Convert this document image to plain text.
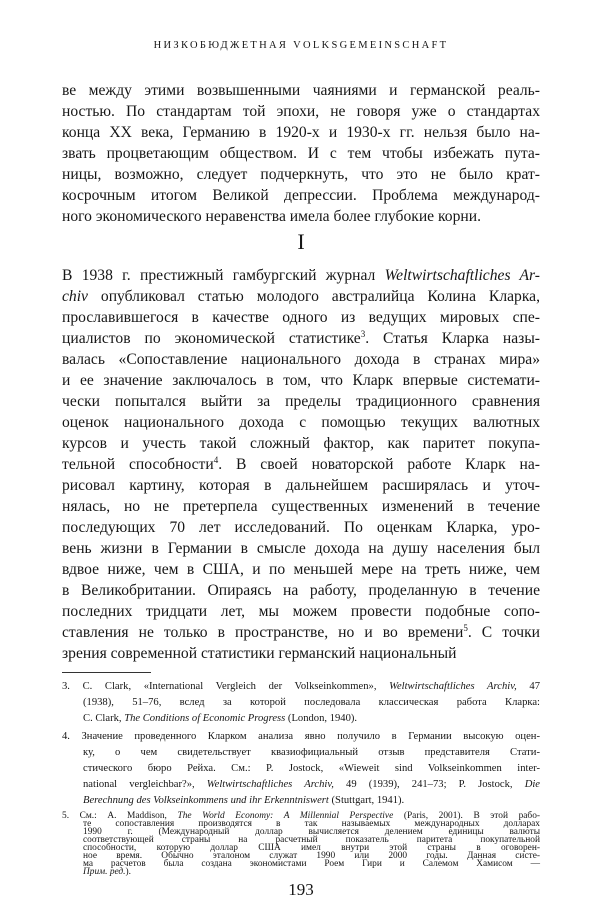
НИЗКОБЮДЖЕТНАЯ VOLKSGEMEINSCHAFT
ве между этими возвышенными чаяниями и германской реаль-
ностью. По стандартам той эпохи, не говоря уже о стандартах
конца XX века, Германию в 1920-х и 1930-х гг. нельзя было на-
звать процветающим обществом. И с тем чтобы избежать пута-
ницы, возможно, следует подчеркнуть, что это не было крат-
косрочным итогом Великой депрессии. Проблема международ-
ного экономического неравенства имела более глубокие корни.
I
В 1938 г. престижный гамбургский журнал Weltwirtschaftliches Ar-
chiv опубликовал статью молодого австралийца Колина Кларка,
прославившегося в качестве одного из ведущих мировых спе-
циалистов по экономической статистике$^3$. Статья Кларка назы-
валась «Сопоставление национального дохода в странах мира»
и ее значение заключалось в том, что Кларк впервые системати-
чески попытался выйти за пределы традиционного сравнения
оценок национального дохода с помощью текущих валютных
курсов и учесть такой сложный фактор, как паритет покупа-
тельной способности$^4$. В своей новаторской работе Кларк на-
рисовал картину, которая в дальнейшем расширялась и уточ-
нялась, но не претерпела существенных изменений в течение
последующих 70 лет исследований. По оценкам Кларка, уро-
вень жизни в Германии в смысле дохода на душу населения был
вдвое ниже, чем в США, и по меньшей мере на треть ниже, чем
в Великобритании. Опираясь на работу, проделанную в течение
последних тридцати лет, мы можем провести подобные сопо-
ставления не только в пространстве, но и во времени$^5$. С точки
зрения современной статистики германский национальный
3. C. Clark, «International Vergleich der Volkseinkommen», Weltwirtschaftliches Archiv, 47
(1938), 51–76, вслед за которой последовала классическая работа Кларка:
C. Clark, The Conditions of Economic Progress (London, 1940).
4. Значение проведенного Кларком анализа явно получило в Германии высокую оцен-
ку, о чем свидетельствует квазиофициальный отзыв представителя Стати-
стического бюро Рейха. См.: P. Jostock, «Wieweit sind Volkseinkommen inter-
national vergleichbar?», Weltwirtschaftliches Archiv, 49 (1939), 241–73; P. Jostock, Die
Berechnung des Volkseinkommens und ihr Erkenntniswert (Stuttgart, 1941).
193
5. См.: A. Maddison, The World Economy: A Millennial Perspective (Paris, 2001). В этой рабо-
те сопоставления производятся в так называемых международных долларах
1990 г. (Международный доллар вычисляется делением единицы валюты
соответствующей страны на расчетный показатель паритета покупательной
способности, которую доллар США имел внутри этой страны в оговорен-
ное время. Обычно эталоном служат 1990 или 2000 годы. Данная систе-
ма расчетов была создана экономистами Роем Гири и Салемом Хамисом —
Прим. ред.).
